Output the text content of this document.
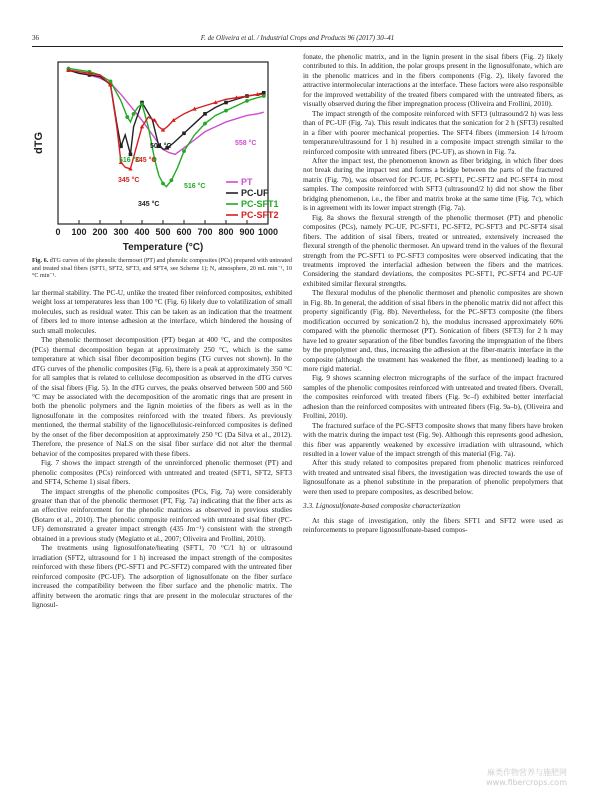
36	F. de Oliveira et al. / Industrial Crops and Products 96 (2017) 30–41
0 100 200 300 400 500 600 700 800 900 1000
Temperature (°C)
dTG
PT
PC-UF
PC-SFT1
PC-SFT2
504 °C	558 °C
516 °C
345 °C
516 °C
345 °C
345 °C
Fig. 6. dTG curves of the phenolic thermoset (PT) and phenolic composites (PCs) prepared with untreated and treated sisal fibers (SFT1, SFT2, SFT3, and SFT4, see Scheme 1); N₂ atmosphere, 20 mL min⁻¹, 10 °C min⁻¹.

lar thermal stability. The PC-U, unlike the treated fiber reinforced composites, exhibited weight loss at temperatures less than 100 °C (Fig. 6) likely due to volatilization of small molecules, such as residual water. This can be taken as an indication that the treatment of fibers led to more intense adhesion at the interface, which hindered the housing of such small molecules.

The phenolic thermoset decomposition (PT) began at 400 °C, and the composites (PCs) thermal decomposition began at approximately 250 °C, which is the same temperature at which sisal fiber decomposition begins (TG curves not shown). In the dTG curves of the phenolic composites (Fig. 6), there is a peak at approximately 350 °C for all samples that is related to cellulose decomposition as observed in the dTG curves of the sisal fibers (Fig. 5). In the dTG curves, the peaks observed between 500 and 560 °C may be associated with the decomposition of the aromatic rings that are present in both the phenolic polymers and the lignin moieties of the fibers as well as in the lignosulfonate in the composites reinforced with the treated fibers. As previously mentioned, the thermal stability of the lignocellulosic-reinforced composites is defined by the onset of the fiber decomposition at approximately 250 °C (Da Silva et al., 2012). Therefore, the presence of NaLS on the sisal fiber surface did not alter the thermal behavior of the composites prepared with these fibers.

Fig. 7 shows the impact strength of the unreinforced phenolic thermoset (PT) and phenolic composites (PCs) reinforced with untreated and treated (SFT1, SFT2, SFT3 and SFT4, Scheme 1) sisal fibers.

The impact strengths of the phenolic composites (PCs, Fig. 7a) were considerably greater than that of the phenolic thermoset (PT, Fig. 7a) indicating that the fiber acts as an effective reinforcement for the phenolic matrices as observed in previous studies (Botaro et al., 2010). The phenolic composite reinforced with untreated sisal fiber (PC-UF) demonstrated a greater impact strength (435 Jm⁻¹) consistent with the strength obtained in a previous study (Megiatto et al., 2007; Oliveira and Frollini, 2010).

The treatments using lignosulfonate/heating (SFT1, 70 °C/1 h) or ultrasound irradiation (SFT2, ultrasound for 1 h) increased the impact strength of the composites reinforced with these fibers (PC-SFT1 and PC-SFT2) compared with the untreated fiber reinforced composite (PC-UF). The adsorption of lignosulfonate on the fiber surface increased the compatibility between the fiber surface and the phenolic matrix. The affinity between the aromatic rings that are present in the molecular structures of the lignosul-

fonate, the phenolic matrix, and in the lignin present in the sisal fibers (Fig. 2) likely contributed to this. In addition, the polar groups present in the lignosulfonate, which are in the phenolic matrices and in the fibers components (Fig. 2), likely favored the attractive intermolecular interactions at the interface. These factors were also responsible for the improved wettability of the treated fibers compared with the untreated fibers, as visually observed during the fiber impregnation process (Oliveira and Frollini, 2010).

The impact strength of the composite reinforced with SFT3 (ultrasound/2 h) was less than of PC-UF (Fig. 7a). This result indicates that the sonication for 2 h (SFT3) resulted in a fiber with poorer mechanical properties. The SFT4 fibers (immersion 14 h/room temperature/ultrasound for 1 h) resulted in a composite impact strength similar to the reinforced composite with untreated fibers (PC-UF), as shown in Fig. 7a.

After the impact test, the phenomenon known as fiber bridging, in which fiber does not break during the impact test and forms a bridge between the parts of the fractured matrix (Fig. 7b), was observed for PC-UF, PC-SFT1, PC-SFT2 and PC-SFT4 in most samples. The composite reinforced with SFT3 (ultrasound/2 h) did not show the fiber bridging phenomenon, i.e., the fiber and matrix broke at the same time (Fig. 7c), which is in agreement with its lower impact strength (Fig. 7a).

Fig. 8a shows the flexural strength of the phenolic thermoset (PT) and phenolic composites (PCs), namely PC-UF, PC-SFT1, PC-SFT2, PC-SFT3 and PC-SFT4 sisal fibers. The addition of sisal fibers, treated or untreated, extensively increased the flexural strength of the phenolic thermoset. An upward trend in the values of the flexural strength from the PC-SFT1 to PC-SFT3 composites were observed indicating that the treatments improved the interfacial adhesion between the fibers and the matrices. Considering the standard deviations, the composites PC-SFT1, PC-SFT4 and PC-UF exhibited similar flexural strengths.

The flexural modulus of the phenolic thermoset and phenolic composites are shown in Fig. 8b. In general, the addition of sisal fibers in the phenolic matrix did not affect this property significantly (Fig. 8b). Nevertheless, for the PC-SFT3 composite (the fibers modification occurred by sonication/2 h), the modulus increased approximately 60% compared with the phenolic thermoset (PT). Sonication of fibers (SFT3) for 2 h may have led to greater separation of the fiber bundles favoring the impregnation of the fibers by the prepolymer and, thus, increasing the adhesion at the fiber-matrix interface in the composite (although the treatment has weakened the fiber, as mentioned) leading to a more rigid material.

Fig. 9 shows scanning electron micrographs of the surface of the impact fractured samples of the phenolic composites reinforced with untreated and treated fibers. Overall, the composites reinforced with treated fibers (Fig. 9c–f) exhibited better interfacial adhesion than the reinforced composites with untreated fibers (Fig. 9a–b), (Oliveira and Frollini, 2010).

The fractured surface of the PC-SFT3 composite shows that many fibers have broken with the matrix during the impact test (Fig. 9e). Although this represents good adhesion, this fiber was apparently weakened by excessive irradiation with ultrasound, which resulted in a lower value of the impact strength of this material (Fig. 7a).

After this study related to composites prepared from phenolic matrices reinforced with treated and untreated sisal fibers, the investigation was directed towards the use of lignosulfonate as a phenol substitute in the preparation of phenolic prepolymers that were then used to prepare composites, as described below.

3.3. Lignosulfonate-based composite characterization

At this stage of investigation, only the fibers SFT1 and SFT2 were used as reinforcements to prepare lignosulfonate-based compos-

麻类作物营养与施肥网
www.fibercrops.com
